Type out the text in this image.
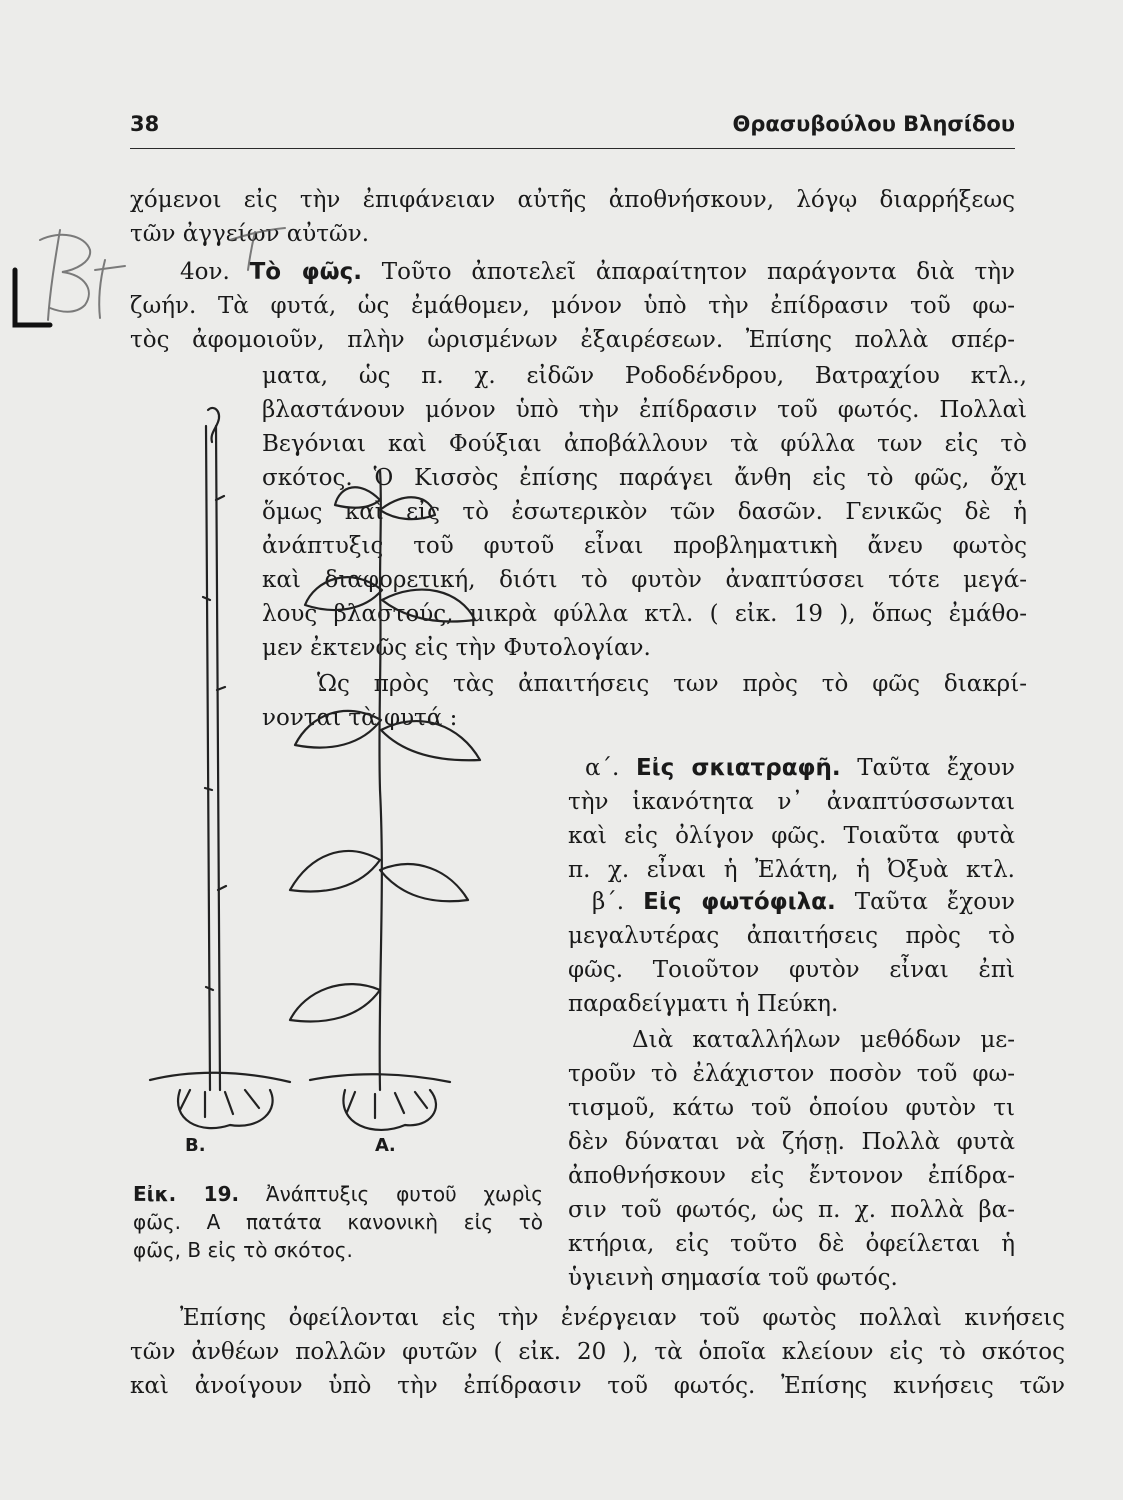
38	Θρασυβούλου Βλησίδου
χόμενοι εἰς τὴν ἐπιφάνειαν αὐτῆς ἀποθνήσκουν, λόγῳ διαρρήξεως
τῶν ἀγγείων αὐτῶν.
4ον. Τὸ φῶς. Τοῦτο ἀποτελεῖ ἀπαραίτητον παράγοντα διὰ τὴν
ζωήν. Τὰ φυτά, ὡς ἐμάθομεν, μόνον ὑπὸ τὴν ἐπίδρασιν τοῦ φω-
τὸς ἀφομοιοῦν, πλὴν ὡρισμένων ἐξαιρέσεων. Ἐπίσης πολλὰ σπέρ-
ματα, ὡς π. χ. εἰδῶν Ροδοδένδρου, Βατραχίου κτλ.,
βλαστάνουν μόνον ὑπὸ τὴν ἐπίδρασιν τοῦ φωτός. Πολλαὶ
Βεγόνιαι καὶ Φούξιαι ἀποβάλλουν τὰ φύλλα των εἰς τὸ
σκότος. Ὁ Κισσὸς ἐπίσης παράγει ἄνθη εἰς τὸ φῶς, ὄχι
ὅμως καὶ εἰς τὸ ἐσωτερικὸν τῶν δασῶν. Γενικῶς δὲ ἡ
ἀνάπτυξις τοῦ φυτοῦ εἶναι προβληματικὴ ἄνευ φωτὸς
καὶ διαφορετική, διότι τὸ φυτὸν ἀναπτύσσει τότε μεγά-
λους βλαστούς, μικρὰ φύλλα κτλ. ( εἰκ. 19 ), ὅπως ἐμάθο-
μεν ἐκτενῶς εἰς τὴν Φυτολογίαν.
Ὡς πρὸς τὰς ἀπαιτήσεις των πρὸς τὸ φῶς διακρί-
νονται τὰ φυτά :
α΄. Εἰς σκιατραφῆ. Ταῦτα ἔχουν
τὴν ἱκανότητα ν᾿ ἀναπτύσσωνται
καὶ εἰς ὀλίγον φῶς. Τοιαῦτα φυτὰ
π. χ. εἶναι ἡ Ἐλάτη, ἡ Ὀξυὰ κτλ.
β΄. Εἰς φωτόφιλα. Ταῦτα ἔχουν
μεγαλυτέρας ἀπαιτήσεις πρὸς τὸ
φῶς. Τοιοῦτον φυτὸν εἶναι ἐπὶ
παραδείγματι ἡ Πεύκη.
Διὰ καταλλήλων μεθόδων με-
τροῦν τὸ ἐλάχιστον ποσὸν τοῦ φω-
τισμοῦ, κάτω τοῦ ὁποίου φυτὸν τι
δὲν δύναται νὰ ζήσῃ. Πολλὰ φυτὰ
ἀποθνήσκουν εἰς ἔντονον ἐπίδρα-
σιν τοῦ φωτός, ὡς π. χ. πολλὰ βα-
κτήρια, εἰς τοῦτο δὲ ὀφείλεται ἡ
ὑγιεινὴ σημασία τοῦ φωτός.
Ἐπίσης ὀφείλονται εἰς τὴν ἐνέργειαν τοῦ φωτὸς πολλαὶ κινήσεις
τῶν ἀνθέων πολλῶν φυτῶν ( εἰκ. 20 ), τὰ ὁποῖα κλείουν εἰς τὸ σκότος
καὶ ἀνοίγουν ὑπὸ τὴν ἐπίδρασιν τοῦ φωτός. Ἐπίσης κινήσεις τῶν
Β.	Α.
Εἰκ. 19. Ἀνάπτυξις φυτοῦ χωρὶς
φῶς. Α πατάτα κανονικὴ εἰς τὸ
φῶς, Β εἰς τὸ σκότος.
